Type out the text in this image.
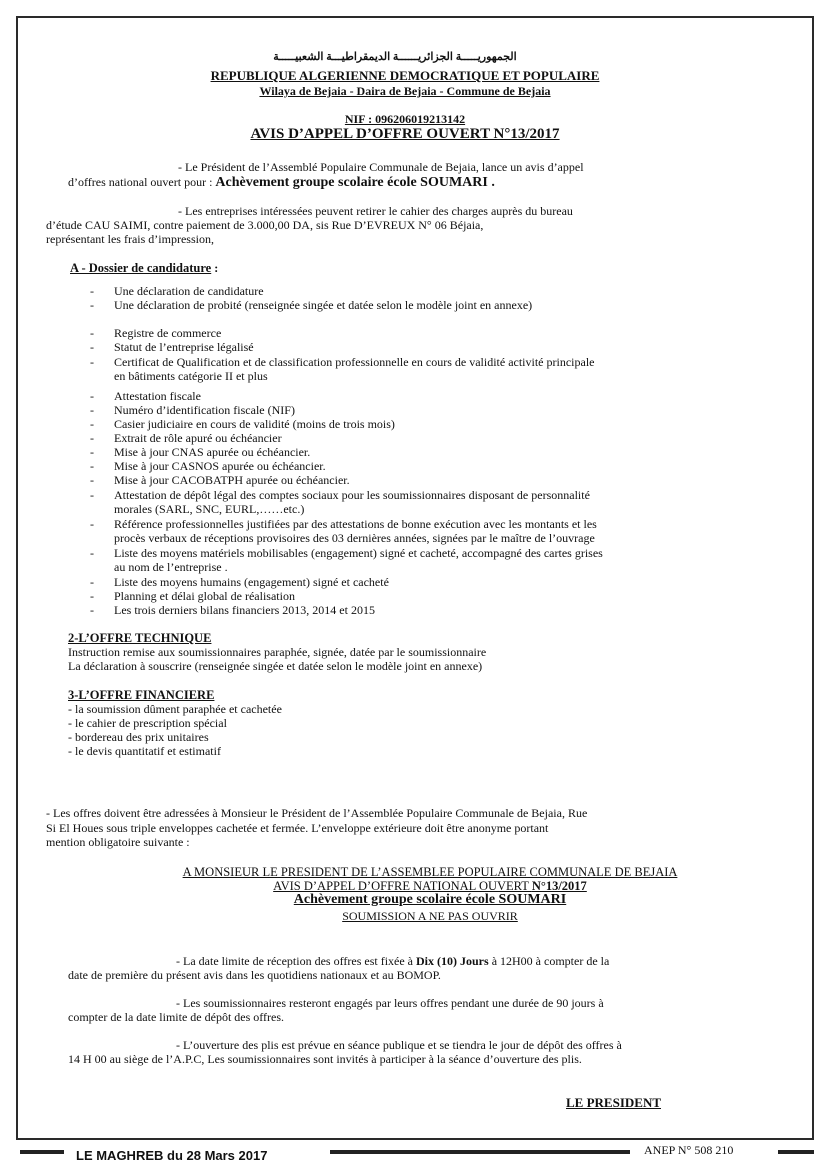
الجمهوريـــــة الجزائريــــــة الديمقراطيـــة الشعبيـــــة
REPUBLIQUE ALGERIENNE DEMOCRATIQUE ET POPULAIRE
Wilaya de Bejaia - Daira de Bejaia - Commune de Bejaia
NIF : 096206019213142
AVIS D’APPEL D’OFFRE OUVERT N°13/2017
- Le Président de l’Assemblé Populaire Communale de Bejaia, lance un avis d’appel
d’offres national ouvert pour : Achèvement groupe scolaire école SOUMARI .
- Les entreprises intéressées peuvent retirer le cahier des charges auprès du bureau
d’étude CAU SAIMI, contre paiement de 3.000,00 DA, sis Rue D’EVREUX N° 06 Béjaia,
représentant les frais d’impression,
A - Dossier de candidature :
- Une déclaration de candidature
- Une déclaration de probité (renseignée singée et datée selon le modèle joint en annexe)
- Registre de commerce
- Statut de l’entreprise légalisé
- Certificat de Qualification et de classification professionnelle en cours de validité activité principale
en bâtiments catégorie II et plus
- Attestation fiscale
- Numéro d’identification fiscale (NIF)
- Casier judiciaire en cours de validité (moins de trois mois)
- Extrait de rôle apuré ou échéancier
- Mise à jour CNAS apurée ou échéancier.
- Mise à jour CASNOS apurée ou échéancier.
- Mise à jour CACOBATPH apurée ou échéancier.
- Attestation de dépôt légal des comptes sociaux pour les soumissionnaires disposant de personnalité
morales (SARL, SNC, EURL,……etc.)
- Référence professionnelles justifiées par des attestations de bonne exécution avec les montants et les
procès verbaux de réceptions provisoires des 03 dernières années, signées par le maître de l’ouvrage
- Liste des moyens matériels mobilisables (engagement) signé et cacheté, accompagné des cartes grises
au nom de l’entreprise .
- Liste des moyens humains (engagement) signé et cacheté
- Planning et délai global de réalisation
- Les trois derniers bilans financiers 2013, 2014 et 2015
2-L’OFFRE TECHNIQUE
Instruction remise aux soumissionnaires paraphée, signée, datée par le soumissionnaire
La déclaration à souscrire (renseignée singée et datée selon le modèle joint en annexe)
3-L’OFFRE FINANCIERE
- la soumission dûment paraphée et cachetée
- le cahier de prescription spécial
- bordereau des prix unitaires
- le devis quantitatif et estimatif
- Les offres doivent être adressées à Monsieur le Président de l’Assemblée Populaire Communale de Bejaia, Rue
Si El Houes sous triple enveloppes cachetée et fermée. L’enveloppe extérieure doit être anonyme portant
mention obligatoire suivante :
A MONSIEUR LE PRESIDENT DE L’ASSEMBLEE POPULAIRE COMMUNALE DE BEJAIA
AVIS D’APPEL D’OFFRE NATIONAL OUVERT N°13/2017
Achèvement groupe scolaire école SOUMARI
SOUMISSION A NE PAS OUVRIR
- La date limite de réception des offres est fixée à Dix (10) Jours à 12H00 à compter de la
date de première du présent avis dans les quotidiens nationaux et au BOMOP.
- Les soumissionnaires resteront engagés par leurs offres pendant une durée de 90 jours à
compter de la date limite de dépôt des offres.
- L’ouverture des plis est prévue en séance publique et se tiendra le jour de dépôt des offres à
14 H 00 au siège de l’A.P.C, Les soumissionnaires sont invités à participer à la séance d’ouverture des plis.
LE PRESIDENT
LE MAGHREB du 28 Mars 2017	ANEP N° 508 210
